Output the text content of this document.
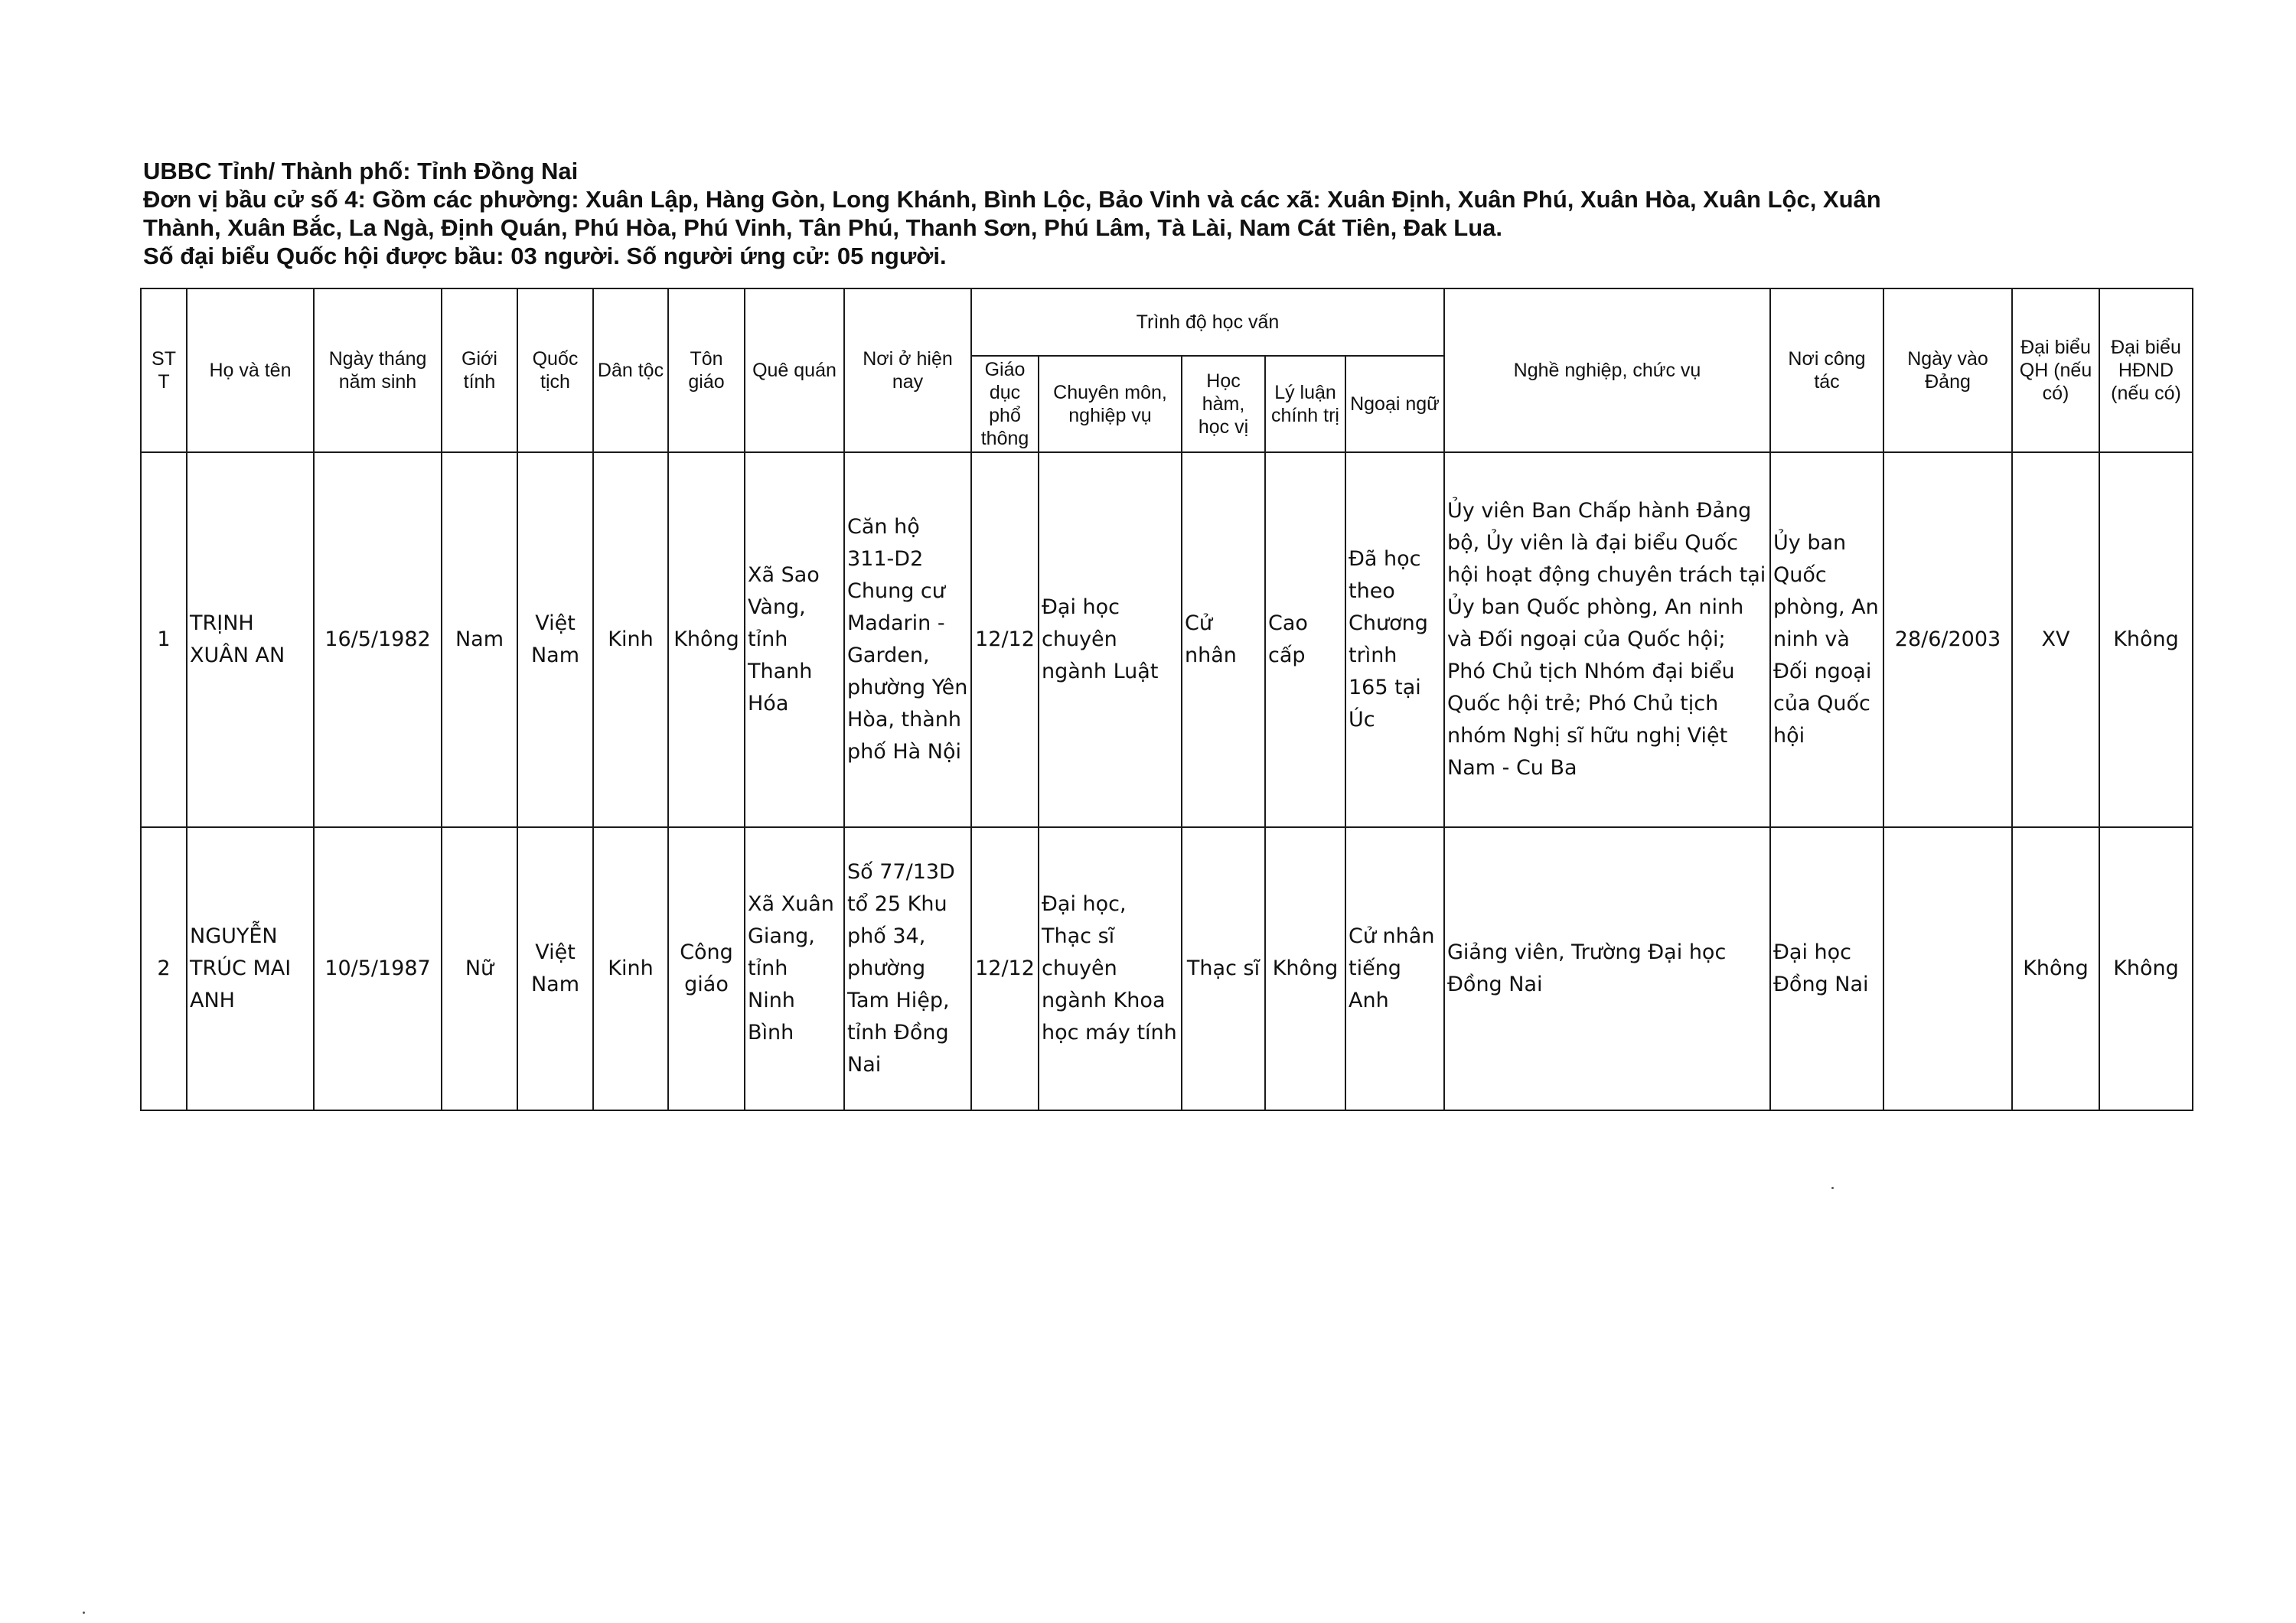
UBBC Tỉnh/ Thành phố: Tỉnh Đồng Nai
Đơn vị bầu cử số 4: Gồm các phường: Xuân Lập, Hàng Gòn, Long Khánh, Bình Lộc, Bảo Vinh và các xã: Xuân Định, Xuân Phú, Xuân Hòa, Xuân Lộc, Xuân
Thành, Xuân Bắc, La Ngà, Định Quán, Phú Hòa, Phú Vinh, Tân Phú, Thanh Sơn, Phú Lâm, Tà Lài, Nam Cát Tiên, Đak Lua.
Số đại biểu Quốc hội được bầu: 03 người. Số người ứng cử: 05 người.
ST T	Họ và tên	Ngày tháng năm sinh	Giới tính	Quốc tịch	Dân tộc	Tôn giáo	Quê quán	Nơi ở hiện nay	Trình độ học vấn					Nghề nghiệp, chức vụ	Nơi công tác	Ngày vào Đảng	Đại biểu QH (nếu có)	Đại biểu HĐND (nếu có)
									Giáo dục phổ thông	Chuyên môn, nghiệp vụ	Học hàm, học vị	Lý luận chính trị	Ngoại ngữ					
1	TRỊNH XUÂN AN	16/5/1982	Nam	Việt Nam	Kinh	Không	Xã Sao Vàng, tỉnh Thanh Hóa	Căn hộ 311-D2 Chung cư Madarin - Garden, phường Yên Hòa, thành phố Hà Nội	12/12	Đại học chuyên ngành Luật	Cử nhân	Cao cấp	Đã học theo Chương trình 165 tại Úc	Ủy viên Ban Chấp hành Đảng bộ, Ủy viên là đại biểu Quốc hội hoạt động chuyên trách tại Ủy ban Quốc phòng, An ninh và Đối ngoại của Quốc hội; Phó Chủ tịch Nhóm đại biểu Quốc hội trẻ; Phó Chủ tịch nhóm Nghị sĩ hữu nghị Việt Nam - Cu Ba	Ủy ban Quốc phòng, An ninh và Đối ngoại của Quốc hội	28/6/2003	XV	Không
2	NGUYỄN TRÚC MAI ANH	10/5/1987	Nữ	Việt Nam	Kinh	Công giáo	Xã Xuân Giang, tỉnh Ninh Bình	Số 77/13D tổ 25 Khu phố 34, phường Tam Hiệp, tỉnh Đồng Nai	12/12	Đại học, Thạc sĩ chuyên ngành Khoa học máy tính	Thạc sĩ	Không	Cử nhân tiếng Anh	Giảng viên, Trường Đại học Đồng Nai	Đại học Đồng Nai		Không	Không
